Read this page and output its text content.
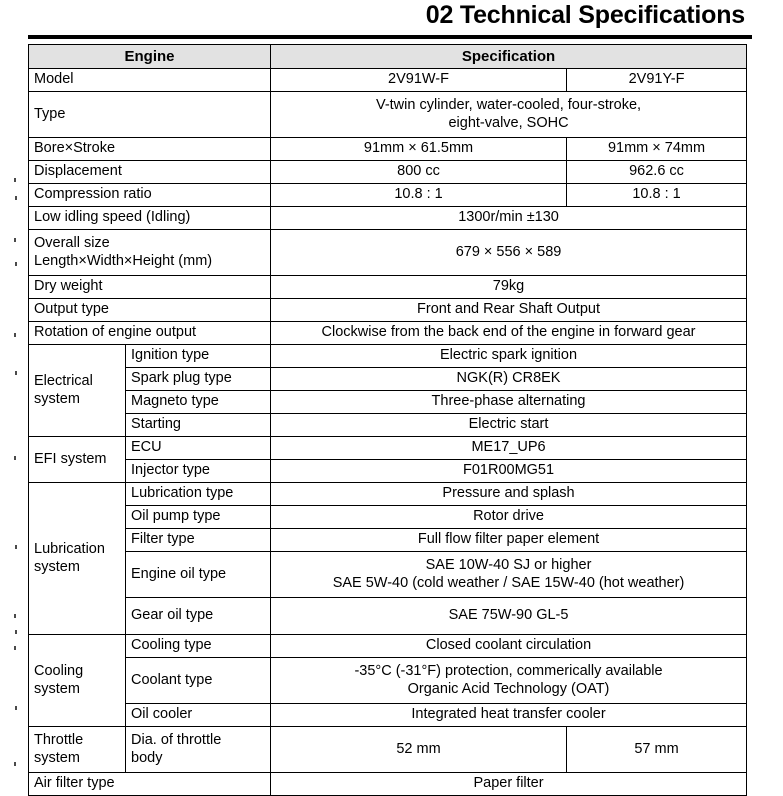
02 Technical Specifications
Engine		Specification	
Model		2V91W-F	2V91Y-F
Type		V-twin cylinder, water-cooled, four-stroke,
eight-valve, SOHC	
Bore×Stroke		91mm × 61.5mm	91mm × 74mm
Displacement		800 cc	962.6 cc
Compression ratio		10.8 : 1	10.8 : 1
Low idling speed (Idling)		1300r/min ±130	
Overall size
Length×Width×Height (mm)		679 × 556 × 589	
Dry weight		79kg	
Output type		Front and Rear Shaft Output	
Rotation of engine output		Clockwise from the back end of the engine in forward gear	
Electrical
system	Ignition type	Electric spark ignition	
	Spark plug type	NGK(R) CR8EK	
	Magneto type	Three-phase alternating	
	Starting	Electric start	
EFI system	ECU	ME17_UP6	
	Injector type	F01R00MG51	
Lubrication
system	Lubrication type	Pressure and splash	
	Oil pump type	Rotor drive	
	Filter type	Full flow filter paper element	
	Engine oil type	SAE 10W-40 SJ or higher
SAE 5W-40 (cold weather / SAE 15W-40 (hot weather)	
	Gear oil type	SAE 75W-90 GL-5	
Cooling
system	Cooling type	Closed coolant circulation	
	Coolant type	-35°C (-31°F) protection, commerically available
Organic Acid Technology (OAT)	
	Oil cooler	Integrated heat transfer cooler	
Throttle
system	Dia. of throttle
body	52 mm	57 mm
Air filter type		Paper filter	
